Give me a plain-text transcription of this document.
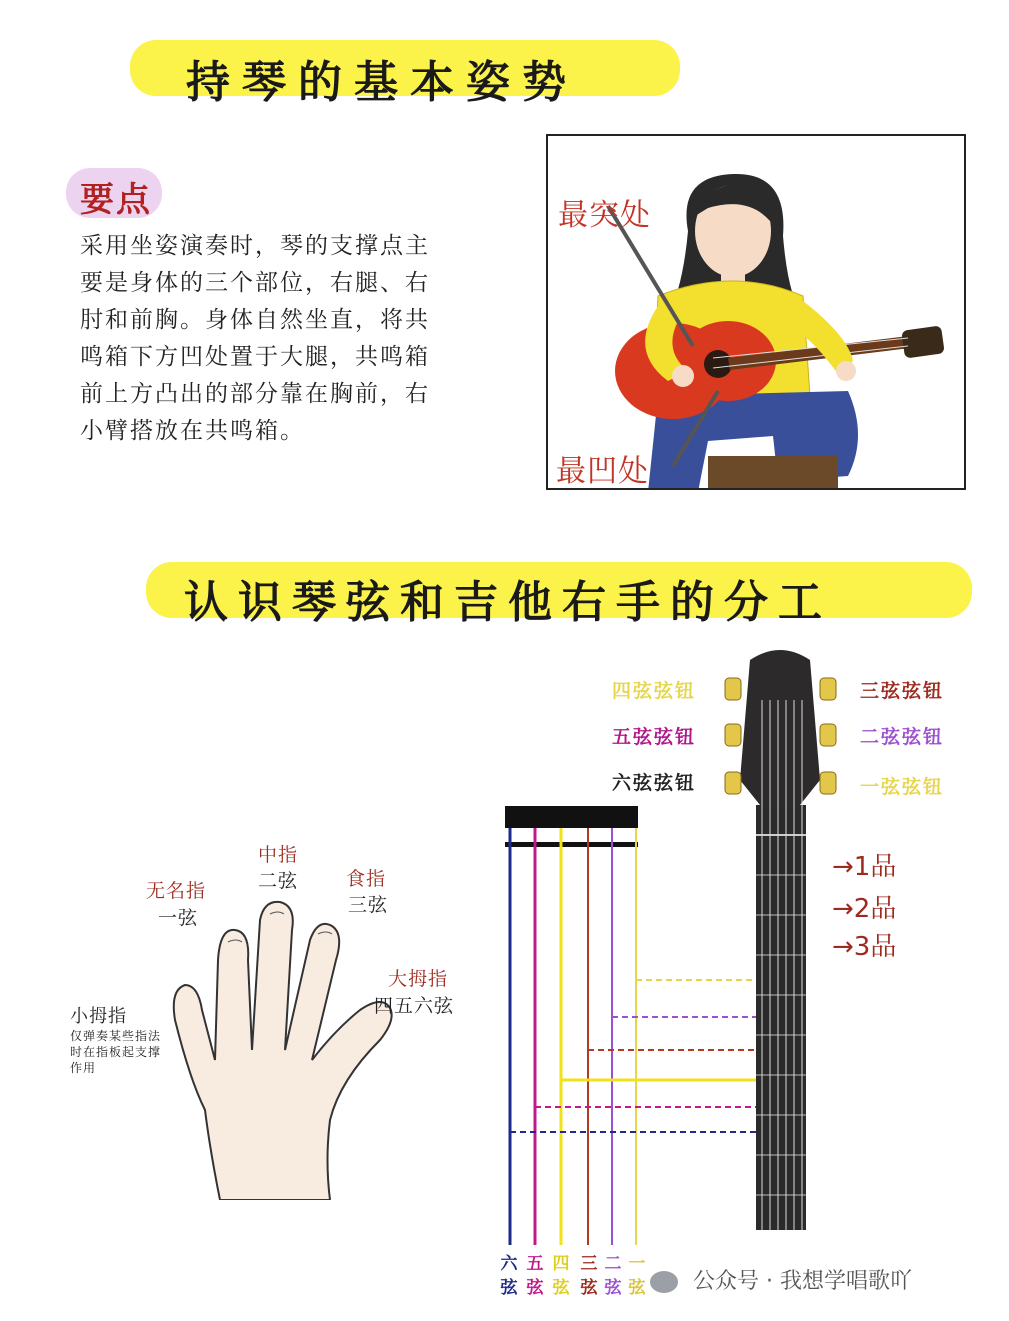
持琴的基本姿势
要点
采用坐姿演奏时，琴的支撑点主
要是身体的三个部位，右腿、右
肘和前胸。身体自然坐直，将共
鸣箱下方凹处置于大腿，共鸣箱
前上方凸出的部分靠在胸前，右
小臂搭放在共鸣箱。
最突处
最凹处
认识琴弦和吉他右手的分工
中指
二弦
无名指
一弦
食指
三弦
大拇指
四五六弦
小拇指
仅弹奏某些指法
时在指板起支撑
作用
四弦弦钮
五弦弦钮
六弦弦钮
三弦弦钮
二弦弦钮
一弦弦钮
→1品
→2品
→3品
六
弦
五
弦
四
弦
三
弦
二
弦
一
弦	公众号 · 我想学唱歌吖
